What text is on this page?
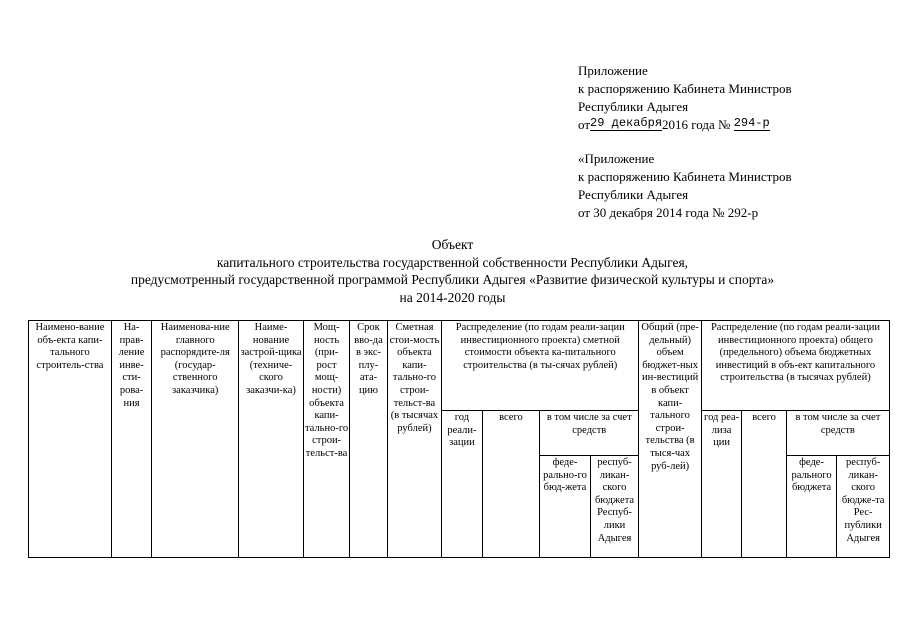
Приложение
к распоряжению Кабинета Министров
Республики Адыгея
от29 декабря2016 года № 294-р
«Приложение
к распоряжению Кабинета Министров
Республики Адыгея
от 30 декабря 2014 года № 292-р
Объект
капитального строительства государственной собственности Республики Адыгея,
предусмотренный государственной программой Республики Адыгея «Развитие физической культуры и спорта»
на 2014-2020 годы
Наимено-вание объ-екта капи-тального строитель-ства	На-прав-ление инве-сти-рова-ния	Наименова-ние главного распорядите-ля (государ-ственного заказчика)	Наиме-нование застрой-щика (техниче-ского заказчи-ка)	Мощ-ность (при-рост мощ-ности) объекта капи-тально-го строи-тельст-ва	Срок вво-да в экс-плу-ата-цию	Сметная стои-мость объекта капи-тально-го строи-тельст-ва (в тысячах рублей)	Распределение (по годам реали-зации инвестиционного проекта) сметной стоимости объекта ка-питального строительства (в ты-сячах рублей)				Общий (пре-дельный) объем бюджет-ных ин-вестиций в объект капи-тального строи-тельства (в тыся-чах руб-лей)	Распределение (по годам реали-зации инвестиционного проекта) общего (предельного) объема бюджетных инвестиций в объ-ект капитального строительства (в тысячах рублей)			
							год реали-зации	всего	в том числе за счет средств			год реа-лиза ции	всего	в том числе за счет средств	
									феде-рально-го бюд-жета	респуб-ликан-ского бюджета Респуб-лики Адыгея				феде-рального бюджета	респуб-ликан-ского бюдже-та Рес-публики Адыгея
